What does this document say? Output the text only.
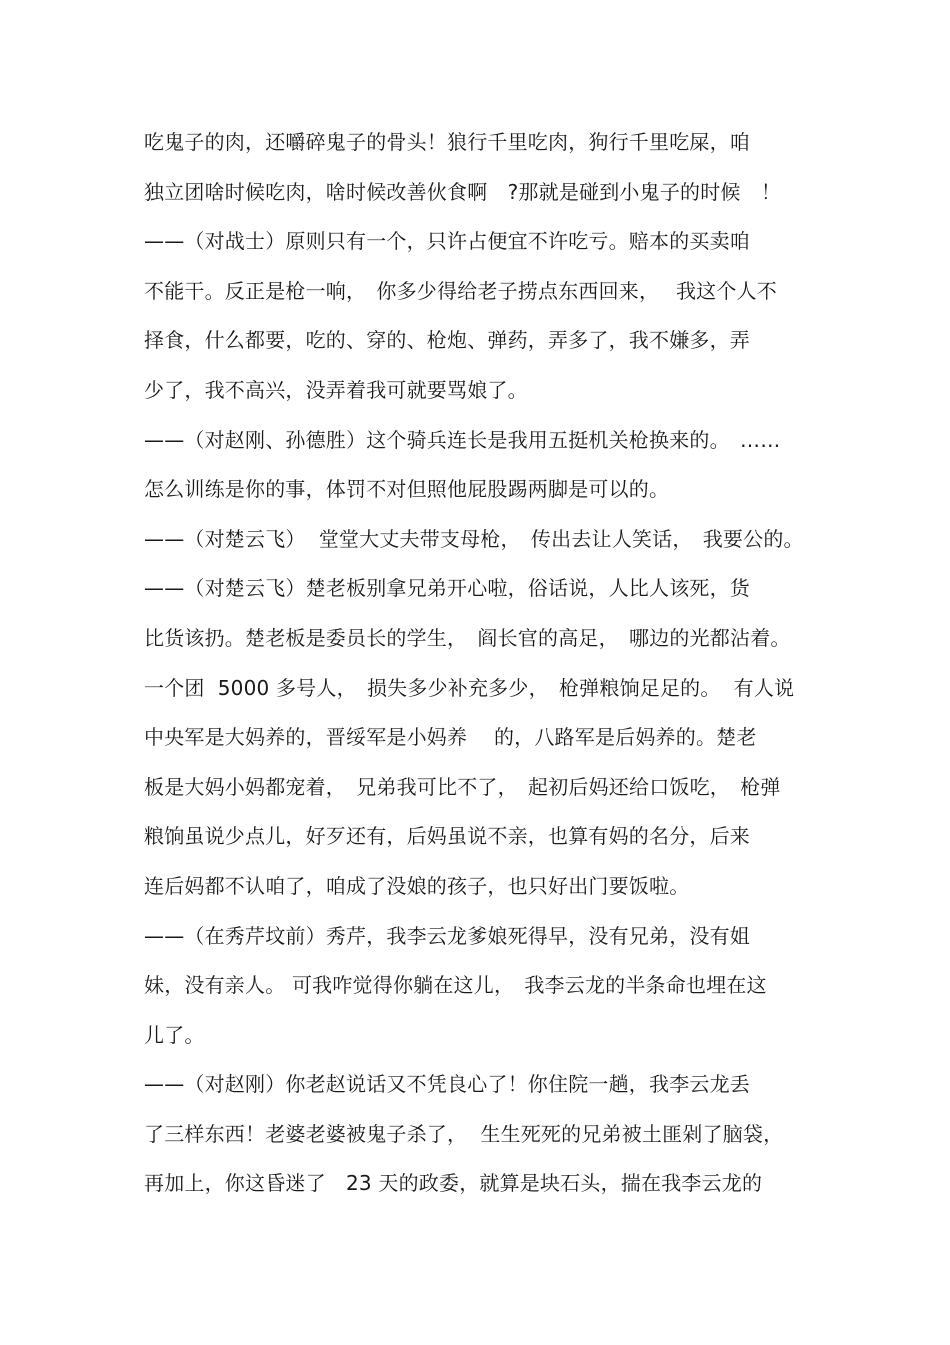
吃鬼子的肉，还嚼碎鬼子的骨头！狼行千里吃肉，狗行千里吃屎，咱
独立团啥时候吃肉，啥时候改善伙食啊　?那就是碰到小鬼子的时候　！
——（对战士）原则只有一个，只许占便宜不许吃亏。赔本的买卖咱
不能干。反正是枪一响，　你多少得给老子捞点东西回来，　 我这个人不
择食，什么都要，吃的、穿的、枪炮、弹药，弄多了，我不嫌多，弄
少了，我不高兴，没弄着我可就要骂娘了。
——（对赵刚、孙德胜）这个骑兵连长是我用五挺机关枪换来的。　……
怎么训练是你的事，体罚不对但照他屁股踢两脚是可以的。
——（对楚云飞）  堂堂大丈夫带支母枪，　传出去让人笑话，　我要公的。
——（对楚云飞）楚老板别拿兄弟开心啦，俗话说，人比人该死，货
比货该扔。楚老板是委员长的学生，　阎长官的高足，　哪边的光都沾着。
一个团  5000 多号人，　损失多少补充多少，　枪弹粮饷足足的。  有人说
中央军是大妈养的，晋绥军是小妈养　 的，八路军是后妈养的。楚老
板是大妈小妈都宠着，　兄弟我可比不了，　起初后妈还给口饭吃，　枪弹
粮饷虽说少点儿，好歹还有，后妈虽说不亲，也算有妈的名分，后来
连后妈都不认咱了，咱成了没娘的孩子，也只好出门要饭啦。
——（在秀芹坟前）秀芹，我李云龙爹娘死得早，没有兄弟，没有姐
妹，没有亲人。 可我咋觉得你躺在这儿，　我李云龙的半条命也埋在这
儿了。
——（对赵刚）你老赵说话又不凭良心了！你住院一趟，我李云龙丢
了三样东西！老婆老婆被鬼子杀了，  生生死死的兄弟被土匪剁了脑袋，
再加上，你这昏迷了　23 天的政委，就算是块石头，揣在我李云龙的
